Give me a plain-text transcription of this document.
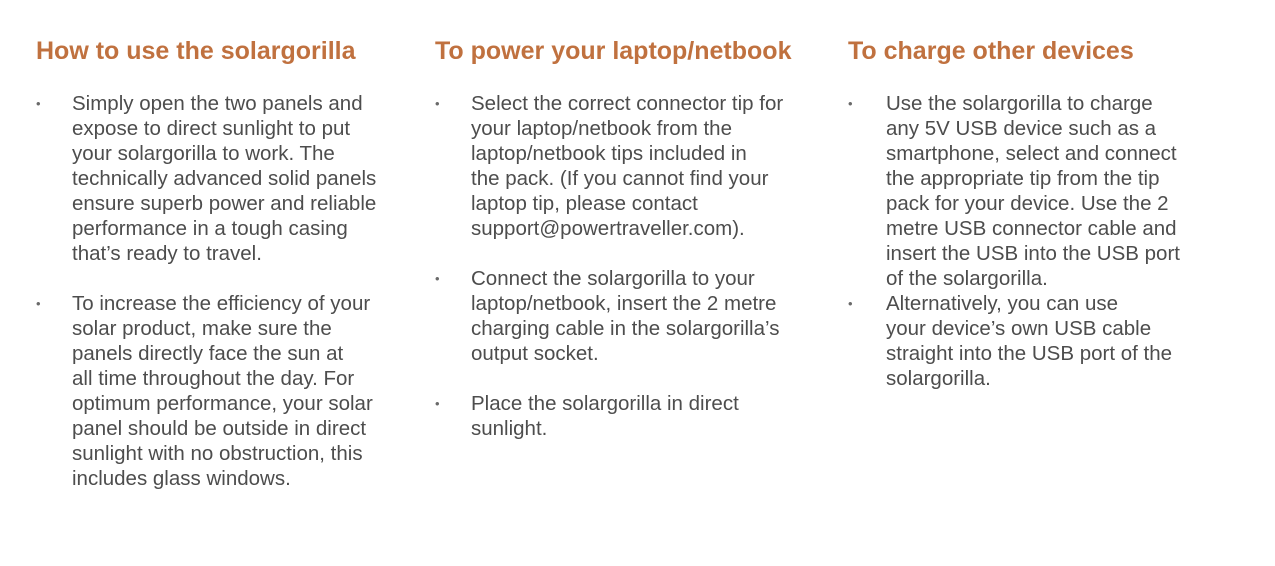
How to use the solargorilla
• Simply open the two panels and
expose to direct sunlight to put
your solargorilla to work. The
technically advanced solid panels
ensure superb power and reliable
performance in a tough casing
that’s ready to travel.
• To increase the efficiency of your
solar product, make sure the
panels directly face the sun at
all time throughout the day. For
optimum performance, your solar
panel should be outside in direct
sunlight with no obstruction, this
includes glass windows.
To power your laptop/netbook
• Select the correct connector tip for
your laptop/netbook from the
laptop/netbook tips included in
the pack. (If you cannot find your
laptop tip, please contact
support@powertraveller.com).
• Connect the solargorilla to your
laptop/netbook, insert the 2 metre
charging cable in the solargorilla’s
output socket.
• Place the solargorilla in direct
sunlight.
To charge other devices
• Use the solargorilla to charge
any 5V USB device such as a
smartphone, select and connect
the appropriate tip from the tip
pack for your device. Use the 2
metre USB connector cable and
insert the USB into the USB port
of the solargorilla.
• Alternatively, you can use
your device’s own USB cable
straight into the USB port of the
solargorilla.
